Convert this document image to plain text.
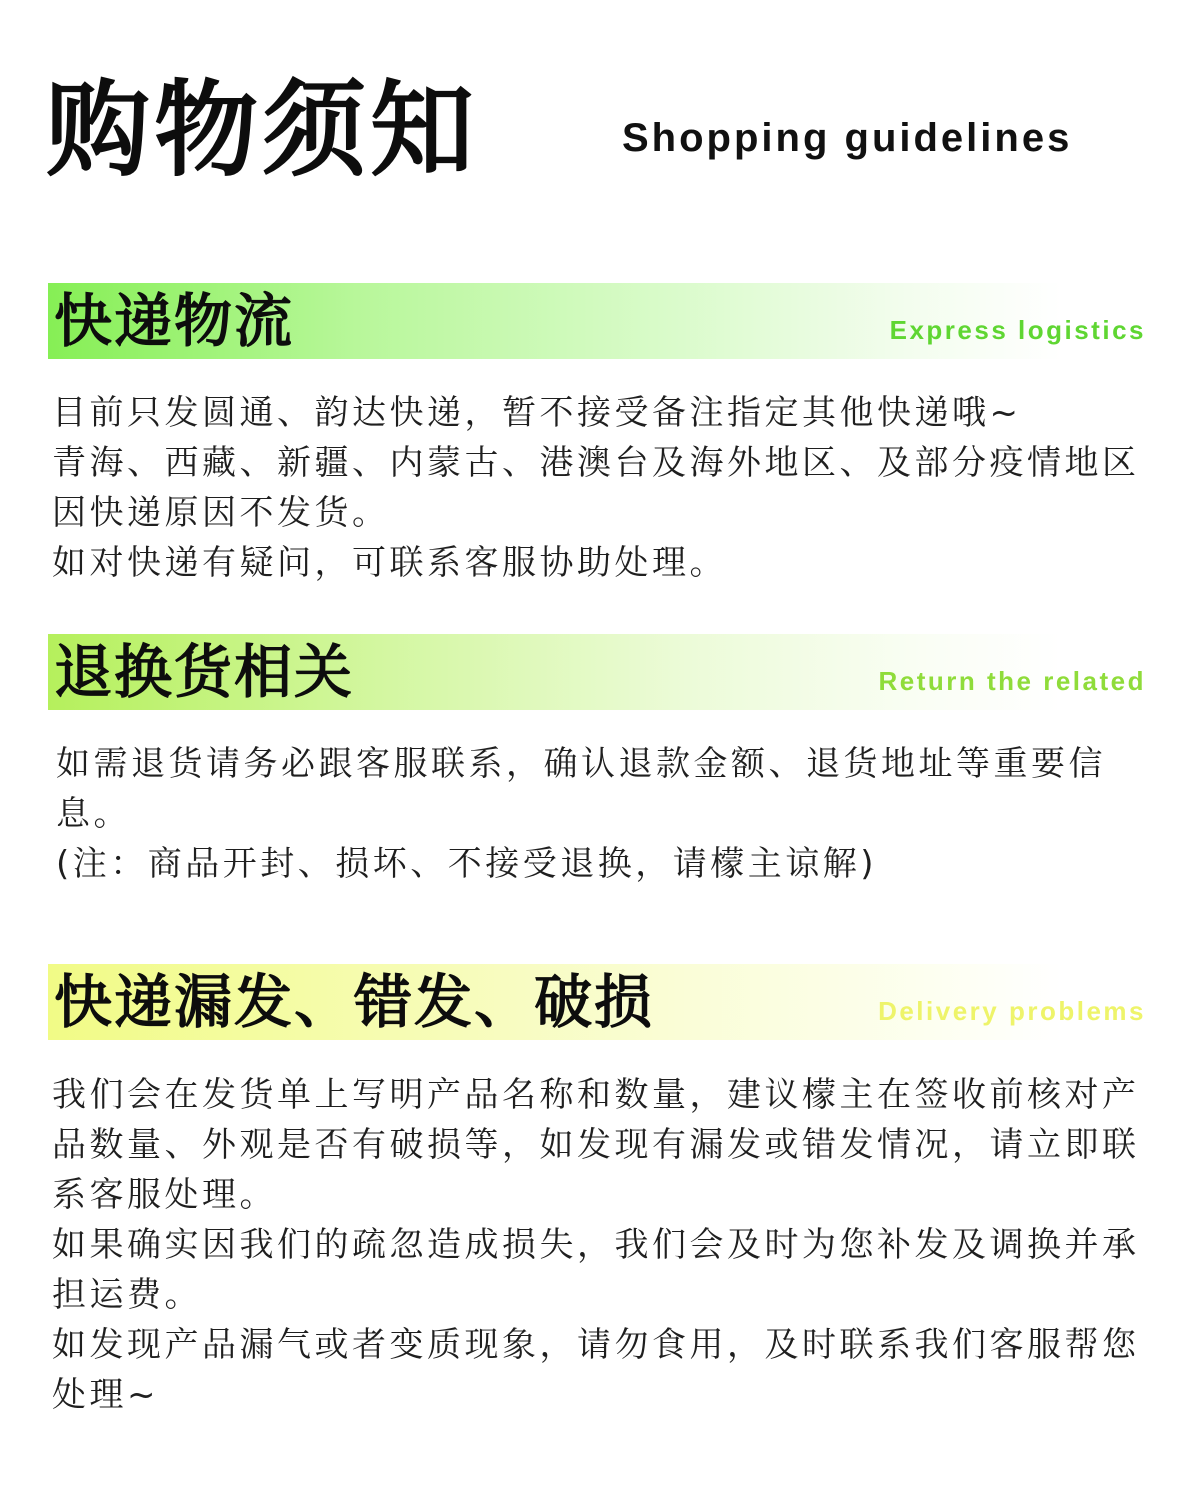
购物须知	Shopping guidelines
快递物流	Express logistics

目前只发圆通、韵达快递，暂不接受备注指定其他快递哦~

青海、西藏、新疆、内蒙古、港澳台及海外地区、及部分疫情地区因快递原因不发货。

如对快递有疑问，可联系客服协助处理。

退换货相关	Return the related

如需退货请务必跟客服联系，确认退款金额、退货地址等重要信息。

(注：商品开封、损坏、不接受退换，请檬主谅解)

快递漏发、错发、破损	Delivery problems

我们会在发货单上写明产品名称和数量，建议檬主在签收前核对产品数量、外观是否有破损等，如发现有漏发或错发情况，请立即联系客服处理。

如果确实因我们的疏忽造成损失，我们会及时为您补发及调换并承担运费。

如发现产品漏气或者变质现象，请勿食用，及时联系我们客服帮您处理~
